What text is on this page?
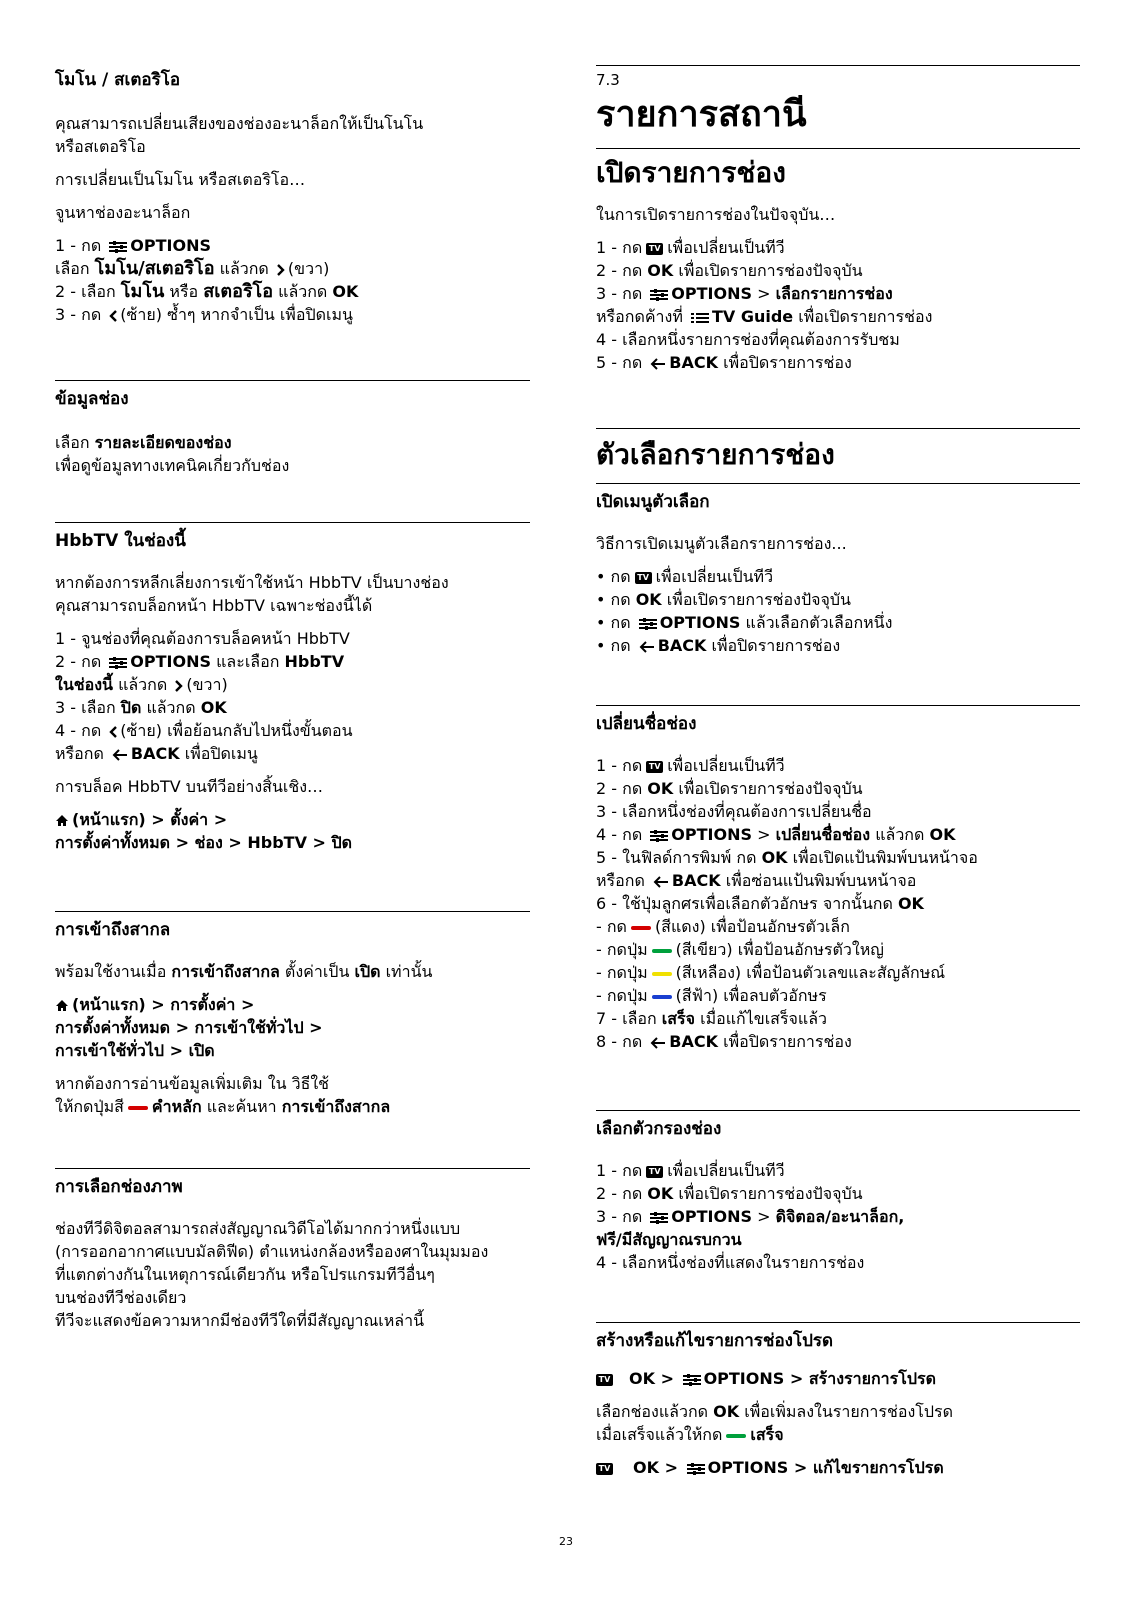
โมโน / สเตอริโอ

คุณสามารถเปลี่ยนเสียงของช่องอะนาล็อกให้เป็นโนโน

หรือสเตอริโอ

การเปลี่ยนเป็นโมโน หรือสเตอริโอ…

จูนหาช่องอะนาล็อก

1 - กด OPTIONS

เลือก โมโน/สเตอริโอ แล้วกด (ขวา)

2 - เลือก โมโน หรือ สเตอริโอ แล้วกด OK

3 - กด (ซ้าย) ซ้ำๆ หากจำเป็น เพื่อปิดเมนู

ข้อมูลช่อง

เลือก รายละเอียดของช่อง

เพื่อดูข้อมูลทางเทคนิคเกี่ยวกับช่อง

HbbTV ในช่องนี้

หากต้องการหลีกเลี่ยงการเข้าใช้หน้า HbbTV เป็นบางช่อง

คุณสามารถบล็อกหน้า HbbTV เฉพาะช่องนี้ได้

1 - จูนช่องที่คุณต้องการบล็อคหน้า HbbTV

2 - กด OPTIONS และเลือก HbbTV

ในช่องนี้ แล้วกด (ขวา)

3 - เลือก ปิด แล้วกด OK

4 - กด (ซ้าย) เพื่อย้อนกลับไปหนึ่งขั้นตอน

หรือกด BACK เพื่อปิดเมนู

การบล็อค HbbTV บนทีวีอย่างสิ้นเชิง…

(หน้าแรก) > ตั้งค่า >

การตั้งค่าทั้งหมด > ช่อง > HbbTV > ปิด

การเข้าถึงสากล

พร้อมใช้งานเมื่อ การเข้าถึงสากล ตั้งค่าเป็น เปิด เท่านั้น

(หน้าแรก) > การตั้งค่า >

การตั้งค่าทั้งหมด > การเข้าใช้ทั่วไป >

การเข้าใช้ทั่วไป > เปิด

หากต้องการอ่านข้อมูลเพิ่มเติม ใน วิธีใช้

ให้กดปุ่มสี คำหลัก และค้นหา การเข้าถึงสากล

การเลือกช่องภาพ

ช่องทีวีดิจิตอลสามารถส่งสัญญาณวิดีโอได้มากกว่าหนึ่งแบบ

(การออกอากาศแบบมัลติฟีด) ตำแหน่งกล้องหรือองศาในมุมมอง

ที่แตกต่างกันในเหตุการณ์เดียวกัน หรือโปรแกรมทีวีอื่นๆ

บนช่องทีวีช่องเดียว

ทีวีจะแสดงข้อความหากมีช่องทีวีใดที่มีสัญญาณเหล่านี้

7.3
รายการสถานี
เปิดรายการช่อง

ในการเปิดรายการช่องในปัจจุบัน…

1 - กด TV เพื่อเปลี่ยนเป็นทีวี

2 - กด OK เพื่อเปิดรายการช่องปัจจุบัน

3 - กด OPTIONS > เลือกรายการช่อง

หรือกดค้างที่ TV Guide เพื่อเปิดรายการช่อง

4 - เลือกหนึ่งรายการช่องที่คุณต้องการรับชม

5 - กด BACK เพื่อปิดรายการช่อง

ตัวเลือกรายการช่อง
เปิดเมนูตัวเลือก

วิธีการเปิดเมนูตัวเลือกรายการช่อง...

• กด TV เพื่อเปลี่ยนเป็นทีวี

• กด OK เพื่อเปิดรายการช่องปัจจุบัน

• กด OPTIONS แล้วเลือกตัวเลือกหนึ่ง

• กด BACK เพื่อปิดรายการช่อง

เปลี่ยนชื่อช่อง

1 - กด TV เพื่อเปลี่ยนเป็นทีวี

2 - กด OK เพื่อเปิดรายการช่องปัจจุบัน

3 - เลือกหนึ่งช่องที่คุณต้องการเปลี่ยนชื่อ

4 - กด OPTIONS > เปลี่ยนชื่อช่อง แล้วกด OK

5 - ในฟิลด์การพิมพ์ กด OK เพื่อเปิดแป้นพิมพ์บนหน้าจอ

หรือกด BACK เพื่อซ่อนแป้นพิมพ์บนหน้าจอ

6 - ใช้ปุ่มลูกศรเพื่อเลือกตัวอักษร จากนั้นกด OK

- กด (สีแดง) เพื่อป้อนอักษรตัวเล็ก

- กดปุ่ม (สีเขียว) เพื่อป้อนอักษรตัวใหญ่

- กดปุ่ม (สีเหลือง) เพื่อป้อนตัวเลขและสัญลักษณ์

- กดปุ่ม (สีฟ้า) เพื่อลบตัวอักษร

7 - เลือก เสร็จ เมื่อแก้ไขเสร็จแล้ว

8 - กด BACK เพื่อปิดรายการช่อง

เลือกตัวกรองช่อง

1 - กด TV เพื่อเปลี่ยนเป็นทีวี

2 - กด OK เพื่อเปิดรายการช่องปัจจุบัน

3 - กด OPTIONS > ดิจิตอล/อะนาล็อก,

ฟรี/มีสัญญาณรบกวน

4 - เลือกหนึ่งช่องที่แสดงในรายการช่อง

สร้างหรือแก้ไขรายการช่องโปรด

TV OK > OPTIONS > สร้างรายการโปรด

เลือกช่องแล้วกด OK เพื่อเพิ่มลงในรายการช่องโปรด

เมื่อเสร็จแล้วให้กด เสร็จ

TV OK > OPTIONS > แก้ไขรายการโปรด

23
